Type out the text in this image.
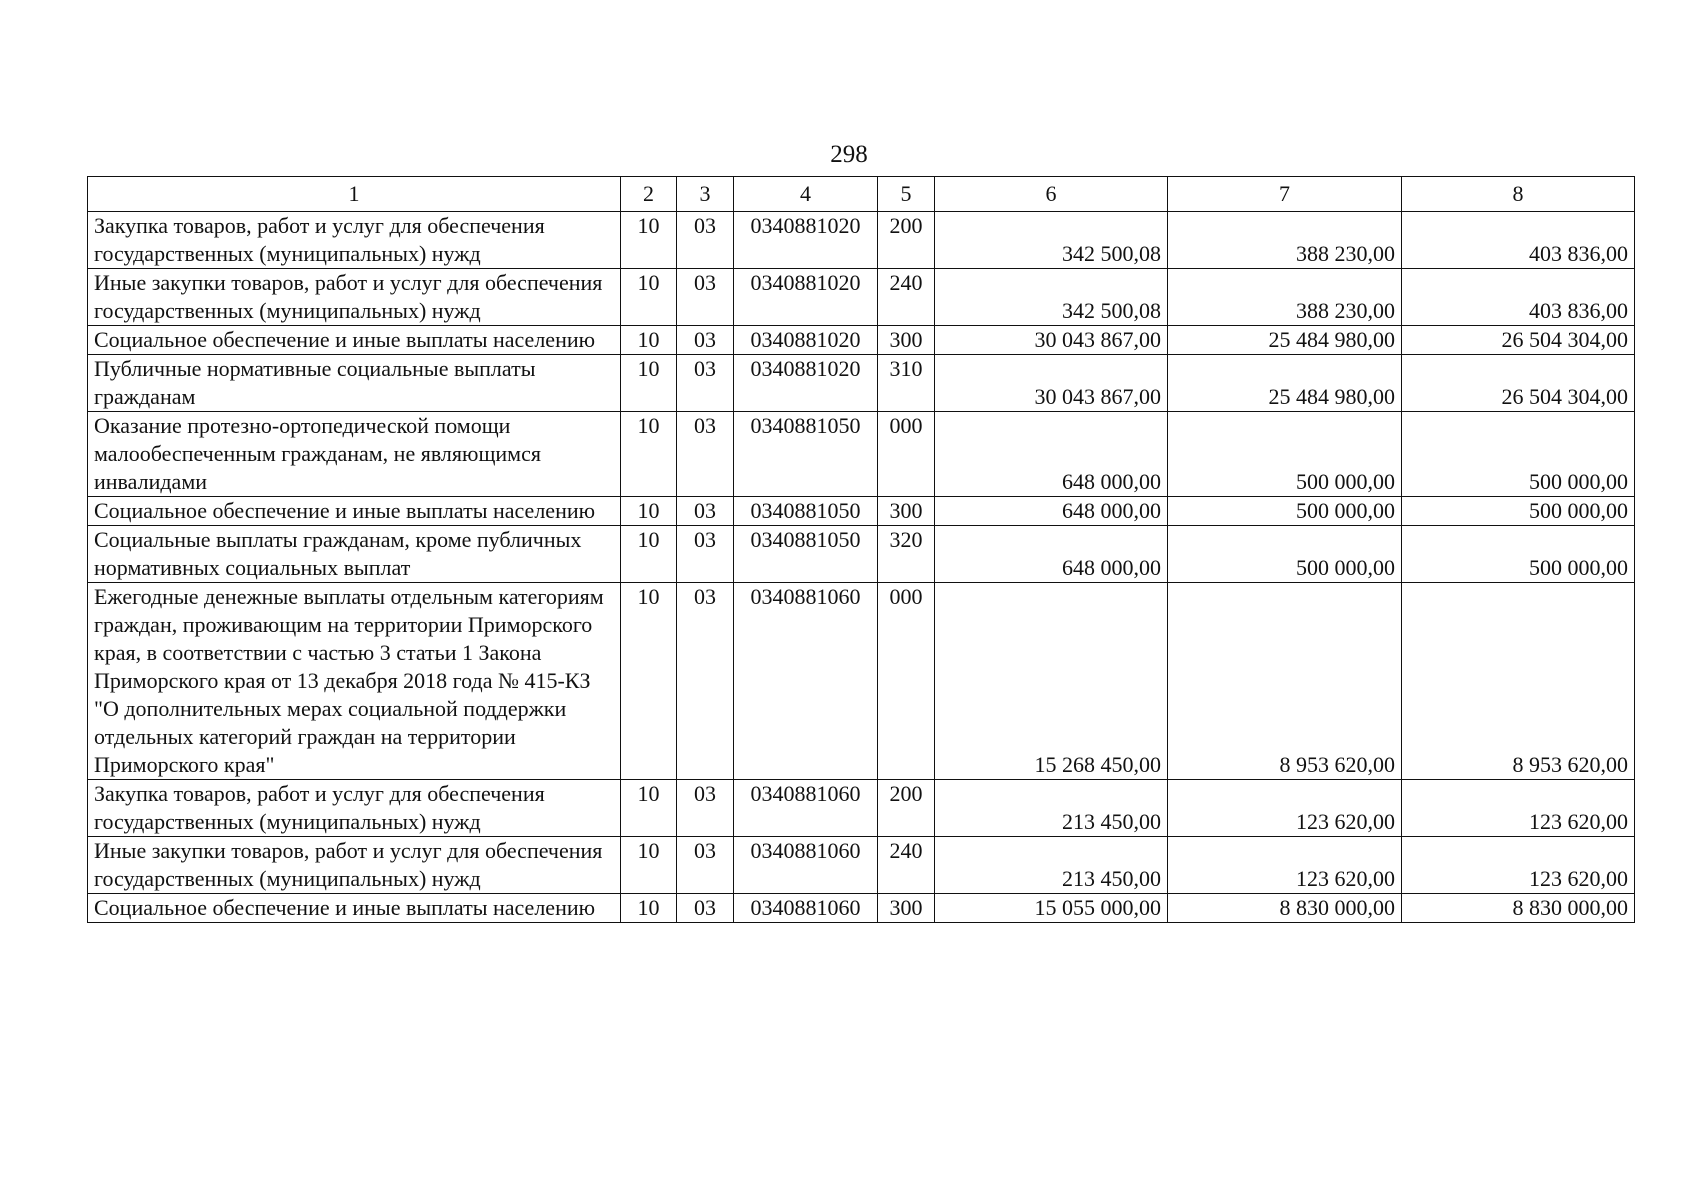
298
1	2	3	4	5	6	7	8
Закупка товаров, работ и услуг для обеспечения государственных (муниципальных) нужд	10	03	0340881020	200	342 500,08	388 230,00	403 836,00
Иные закупки товаров, работ и услуг для обеспечения государственных (муниципальных) нужд	10	03	0340881020	240	342 500,08	388 230,00	403 836,00
Социальное обеспечение и иные выплаты населению	10	03	0340881020	300	30 043 867,00	25 484 980,00	26 504 304,00
Публичные нормативные социальные выплаты гражданам	10	03	0340881020	310	30 043 867,00	25 484 980,00	26 504 304,00
Оказание протезно-ортопедической помощи малообеспеченным гражданам, не являющимся инвалидами	10	03	0340881050	000	648 000,00	500 000,00	500 000,00
Социальное обеспечение и иные выплаты населению	10	03	0340881050	300	648 000,00	500 000,00	500 000,00
Социальные выплаты гражданам, кроме публичных нормативных социальных выплат	10	03	0340881050	320	648 000,00	500 000,00	500 000,00
Ежегодные денежные выплаты отдельным категориям граждан, проживающим на территории Приморского края, в соответствии с частью 3 статьи 1 Закона Приморского края от 13 декабря 2018 года № 415-КЗ "О дополнительных мерах социальной поддержки отдельных категорий граждан на территории Приморского края"	10	03	0340881060	000	15 268 450,00	8 953 620,00	8 953 620,00
Закупка товаров, работ и услуг для обеспечения государственных (муниципальных) нужд	10	03	0340881060	200	213 450,00	123 620,00	123 620,00
Иные закупки товаров, работ и услуг для обеспечения государственных (муниципальных) нужд	10	03	0340881060	240	213 450,00	123 620,00	123 620,00
Социальное обеспечение и иные выплаты населению	10	03	0340881060	300	15 055 000,00	8 830 000,00	8 830 000,00
